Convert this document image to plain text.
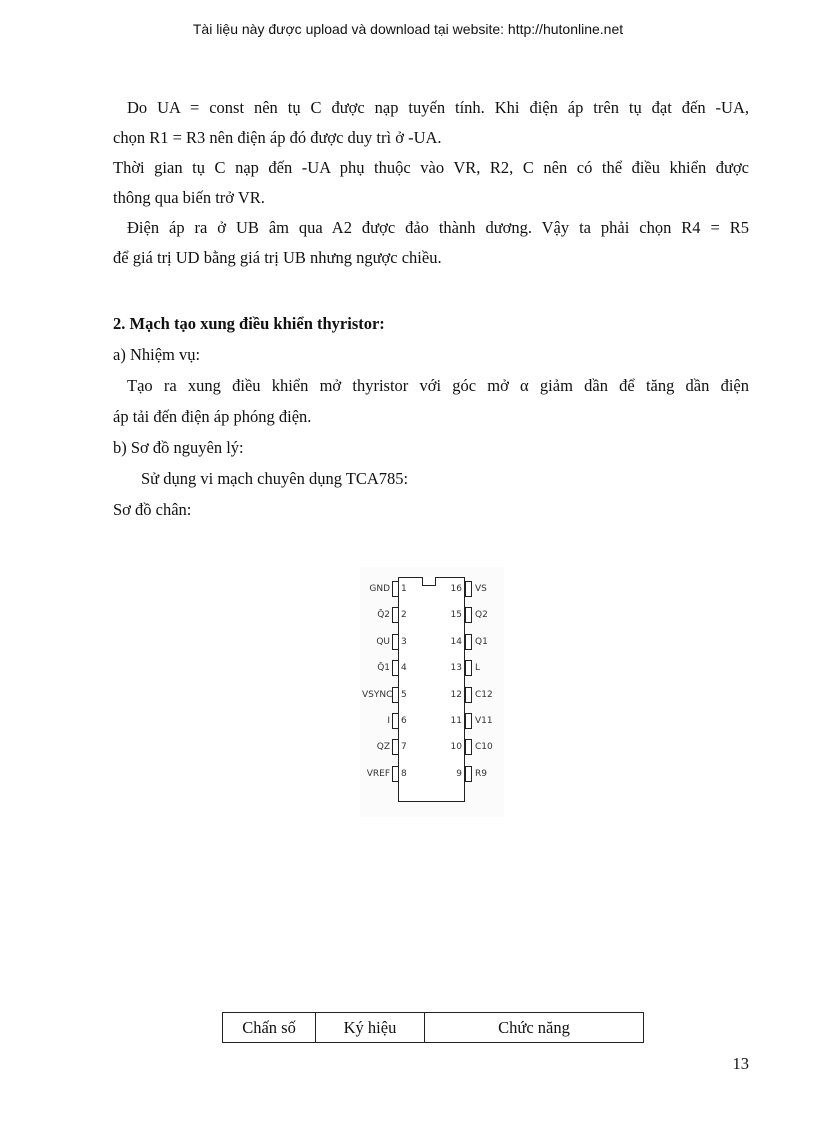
Tài liệu này được upload và download tại website: http://hutonline.net
Do UA = const nên tụ C được nạp tuyến tính. Khi điện áp trên tụ đạt đến -UA,
chọn R1 = R3 nên điện áp đó được duy trì ở -UA.
Thời gian tụ C nạp đến -UA phụ thuộc vào VR, R2, C nên có thể điều khiển được
thông qua biến trở VR.
Điện áp ra ở UB âm qua A2 được đảo thành dương. Vậy ta phải chọn R4 = R5
để giá trị UD bằng giá trị UB nhưng ngược chiều.
2. Mạch tạo xung điều khiển thyristor:
a) Nhiệm vụ:
Tạo ra xung điều khiển mở thyristor với góc mở α giảm dần để tăng dần điện
áp tải đến điện áp phóng điện.
b) Sơ đồ nguyên lý:
Sử dụng vi mạch chuyên dụng TCA785:
Sơ đồ chân:
1
GND
2
Q̄2
3
QU
4
Q̄1
5
VSYNC
6
I
7
QZ
8
VREF
16 VS
15 Q2
14 Q1
13 L
12 C12
11 V11
10 C10
9 R9
Chấn số	Ký hiệu	Chức năng
13
